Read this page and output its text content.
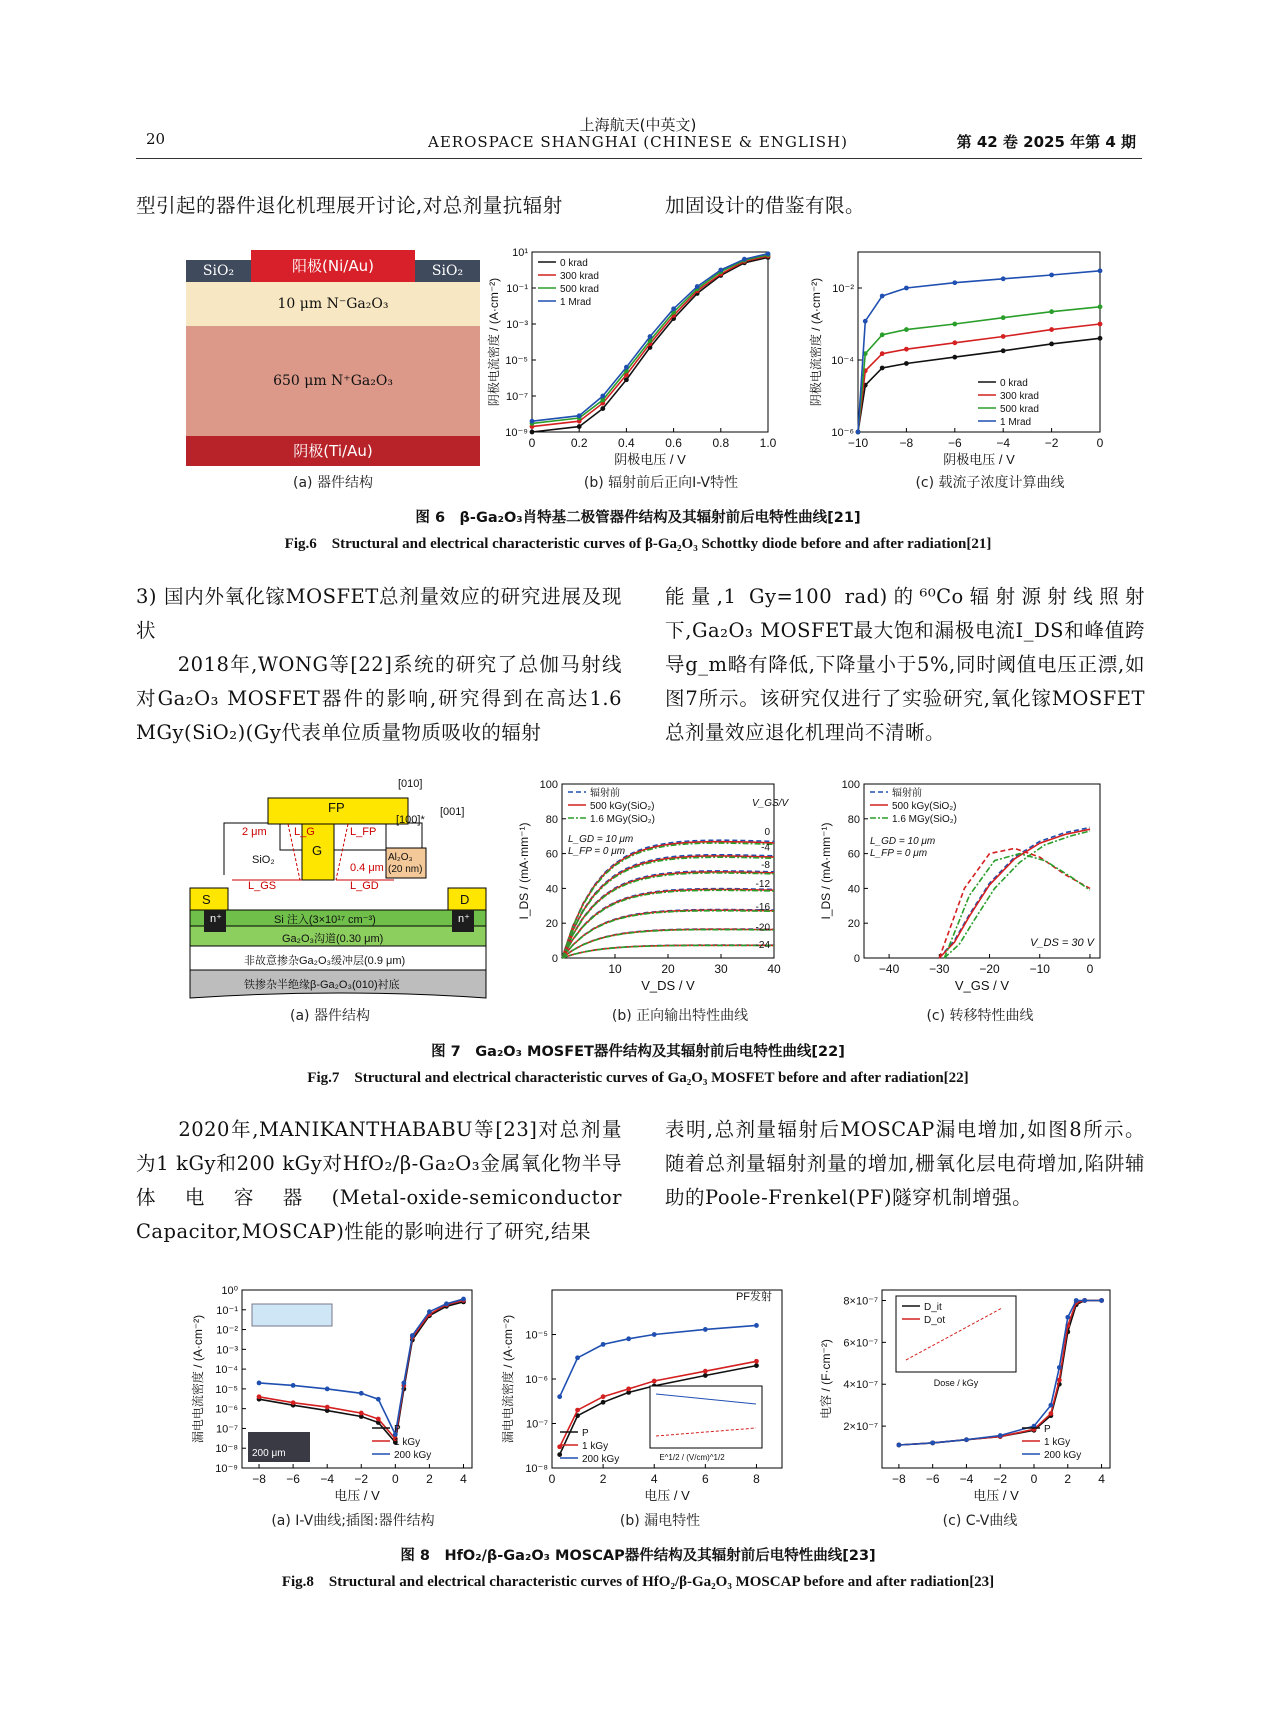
20
上海航天(中英文)
AEROSPACE SHANGHAI (CHINESE & ENGLISH)	第 42 卷 2025 年第 4 期
型引起的器件退化机理展开讨论,对总剂量抗辐射	加固设计的借鉴有限。
SiO₂	阳极(Ni/Au)	SiO₂
10 μm N⁻Ga₂O₃
650 μm N⁺Ga₂O₃
阴极(Ti/Au)
(a) 器件结构
0	0.2	0.4	0.6	0.8	1.0
10⁻⁹
10⁻⁷
10⁻⁵
10⁻³
10⁻¹
10¹
阴极电压 / V
阴极电流密度 / (A·cm⁻²)
0 krad
300 krad
500 krad
1 Mrad
(b) 辐射前后正向I-V特性
−10	−8	−6	−4	−2	0
10⁻⁶
10⁻⁴
10⁻²
阴极电压 / V
阴极电流密度 / (A·cm⁻²)	0 krad
300 krad
500 krad
1 Mrad
(c) 载流子浓度计算曲线
图 6　β-Ga₂O₃肖特基二极管器件结构及其辐射前后电特性曲线[21]
Fig.6　Structural and electrical characteristic curves of β-Ga₂O₃ Schottky diode before and after radiation[21]
3) 国内外氧化镓MOSFET总剂量效应的研究进展及现状
　　2018年,WONG等[22]系统的研究了总伽马射线对Ga₂O₃ MOSFET器件的影响,研究得到在高达1.6 MGy(SiO₂)(Gy代表单位质量物质吸收的辐射
能量,1 Gy=100 rad)的⁶⁰Co辐射源射线照射下,Ga₂O₃ MOSFET最大饱和漏极电流I_DS和峰值跨导g_m略有降低,下降量小于5%,同时阈值电压正漂,如图7所示。该研究仅进行了实验研究,氧化镓MOSFET总剂量效应退化机理尚不清晰。
FP
G
S	D
SiO₂	Al₂O₃ (20 nm)
2 μm
0.4 μm
L_GS	L_GD
L_FP
L_G
n⁺	n⁺
Si 注入(3×10¹⁷ cm⁻³)
Ga₂O₃沟道(0.30 μm)
非故意掺杂Ga₂O₃缓冲层(0.9 μm)
铁掺杂半绝缘β-Ga₂O₃(010)衬底
[010]
[001]
[100]*
(a) 器件结构
10	20	30	40
0
20
40
60
80
100
V_DS / V
I_DS / (mA·mm⁻¹)	0
-4
-8
-12
-16
-20
-24
V_GS/V
辐射前
500 kGy(SiO₂)
1.6 MGy(SiO₂)
L_GD = 10 μm
L_FP = 0 μm
(b) 正向输出特性曲线
−40 −30 −20 −10	0
0
20
40
60
80
100
V_GS / V
I_DS / (mA·mm⁻¹)
辐射前
500 kGy(SiO₂)
1.6 MGy(SiO₂)
L_GD = 10 μm
L_FP = 0 μm
V_DS = 30 V
(c) 转移特性曲线
图 7　Ga₂O₃ MOSFET器件结构及其辐射前后电特性曲线[22]
Fig.7　Structural and electrical characteristic curves of Ga₂O₃ MOSFET before and after radiation[22]
　　2020年,MANIKANTHABABU等[23]对总剂量为1 kGy和200 kGy对HfO₂/β-Ga₂O₃金属氧化物半导体电容器(Metal-oxide-semiconductor Capacitor,MOSCAP)性能的影响进行了研究,结果
表明,总剂量辐射后MOSCAP漏电增加,如图8所示。随着总剂量辐射剂量的增加,栅氧化层电荷增加,陷阱辅助的Poole-Frenkel(PF)隧穿机制增强。
−8 −6 −4 −2 0 2 4
10⁻⁹
10⁻⁸
10⁻⁷
10⁻⁶
10⁻⁵
10⁻⁴
10⁻³
10⁻²
10⁻¹
10⁰
电压 / V
漏电电流密度 / (A·cm⁻²)	P
1 kGy
200 kGy
200 μm
(a) I-V曲线;插图:器件结构
0	2	4	6	8
10⁻⁸
10⁻⁷
10⁻⁶
10⁻⁵
电压 / V
漏电电流密度 / (A·cm⁻²)	P
1 kGy
200 kGy
PF发射
E^1/2 / (V/cm)^1/2
(b) 漏电特性
−8 −6 −4 −2 0 2 4
2×10⁻⁷
4×10⁻⁷
6×10⁻⁷
8×10⁻⁷
电压 / V
电容 / (F·cm⁻²)
P
1 kGy
200 kGy
D_it
D_ot
Dose / kGy
(c) C-V曲线
图 8　HfO₂/β-Ga₂O₃ MOSCAP器件结构及其辐射前后电特性曲线[23]
Fig.8　Structural and electrical characteristic curves of HfO₂/β-Ga₂O₃ MOSCAP before and after radiation[23]
